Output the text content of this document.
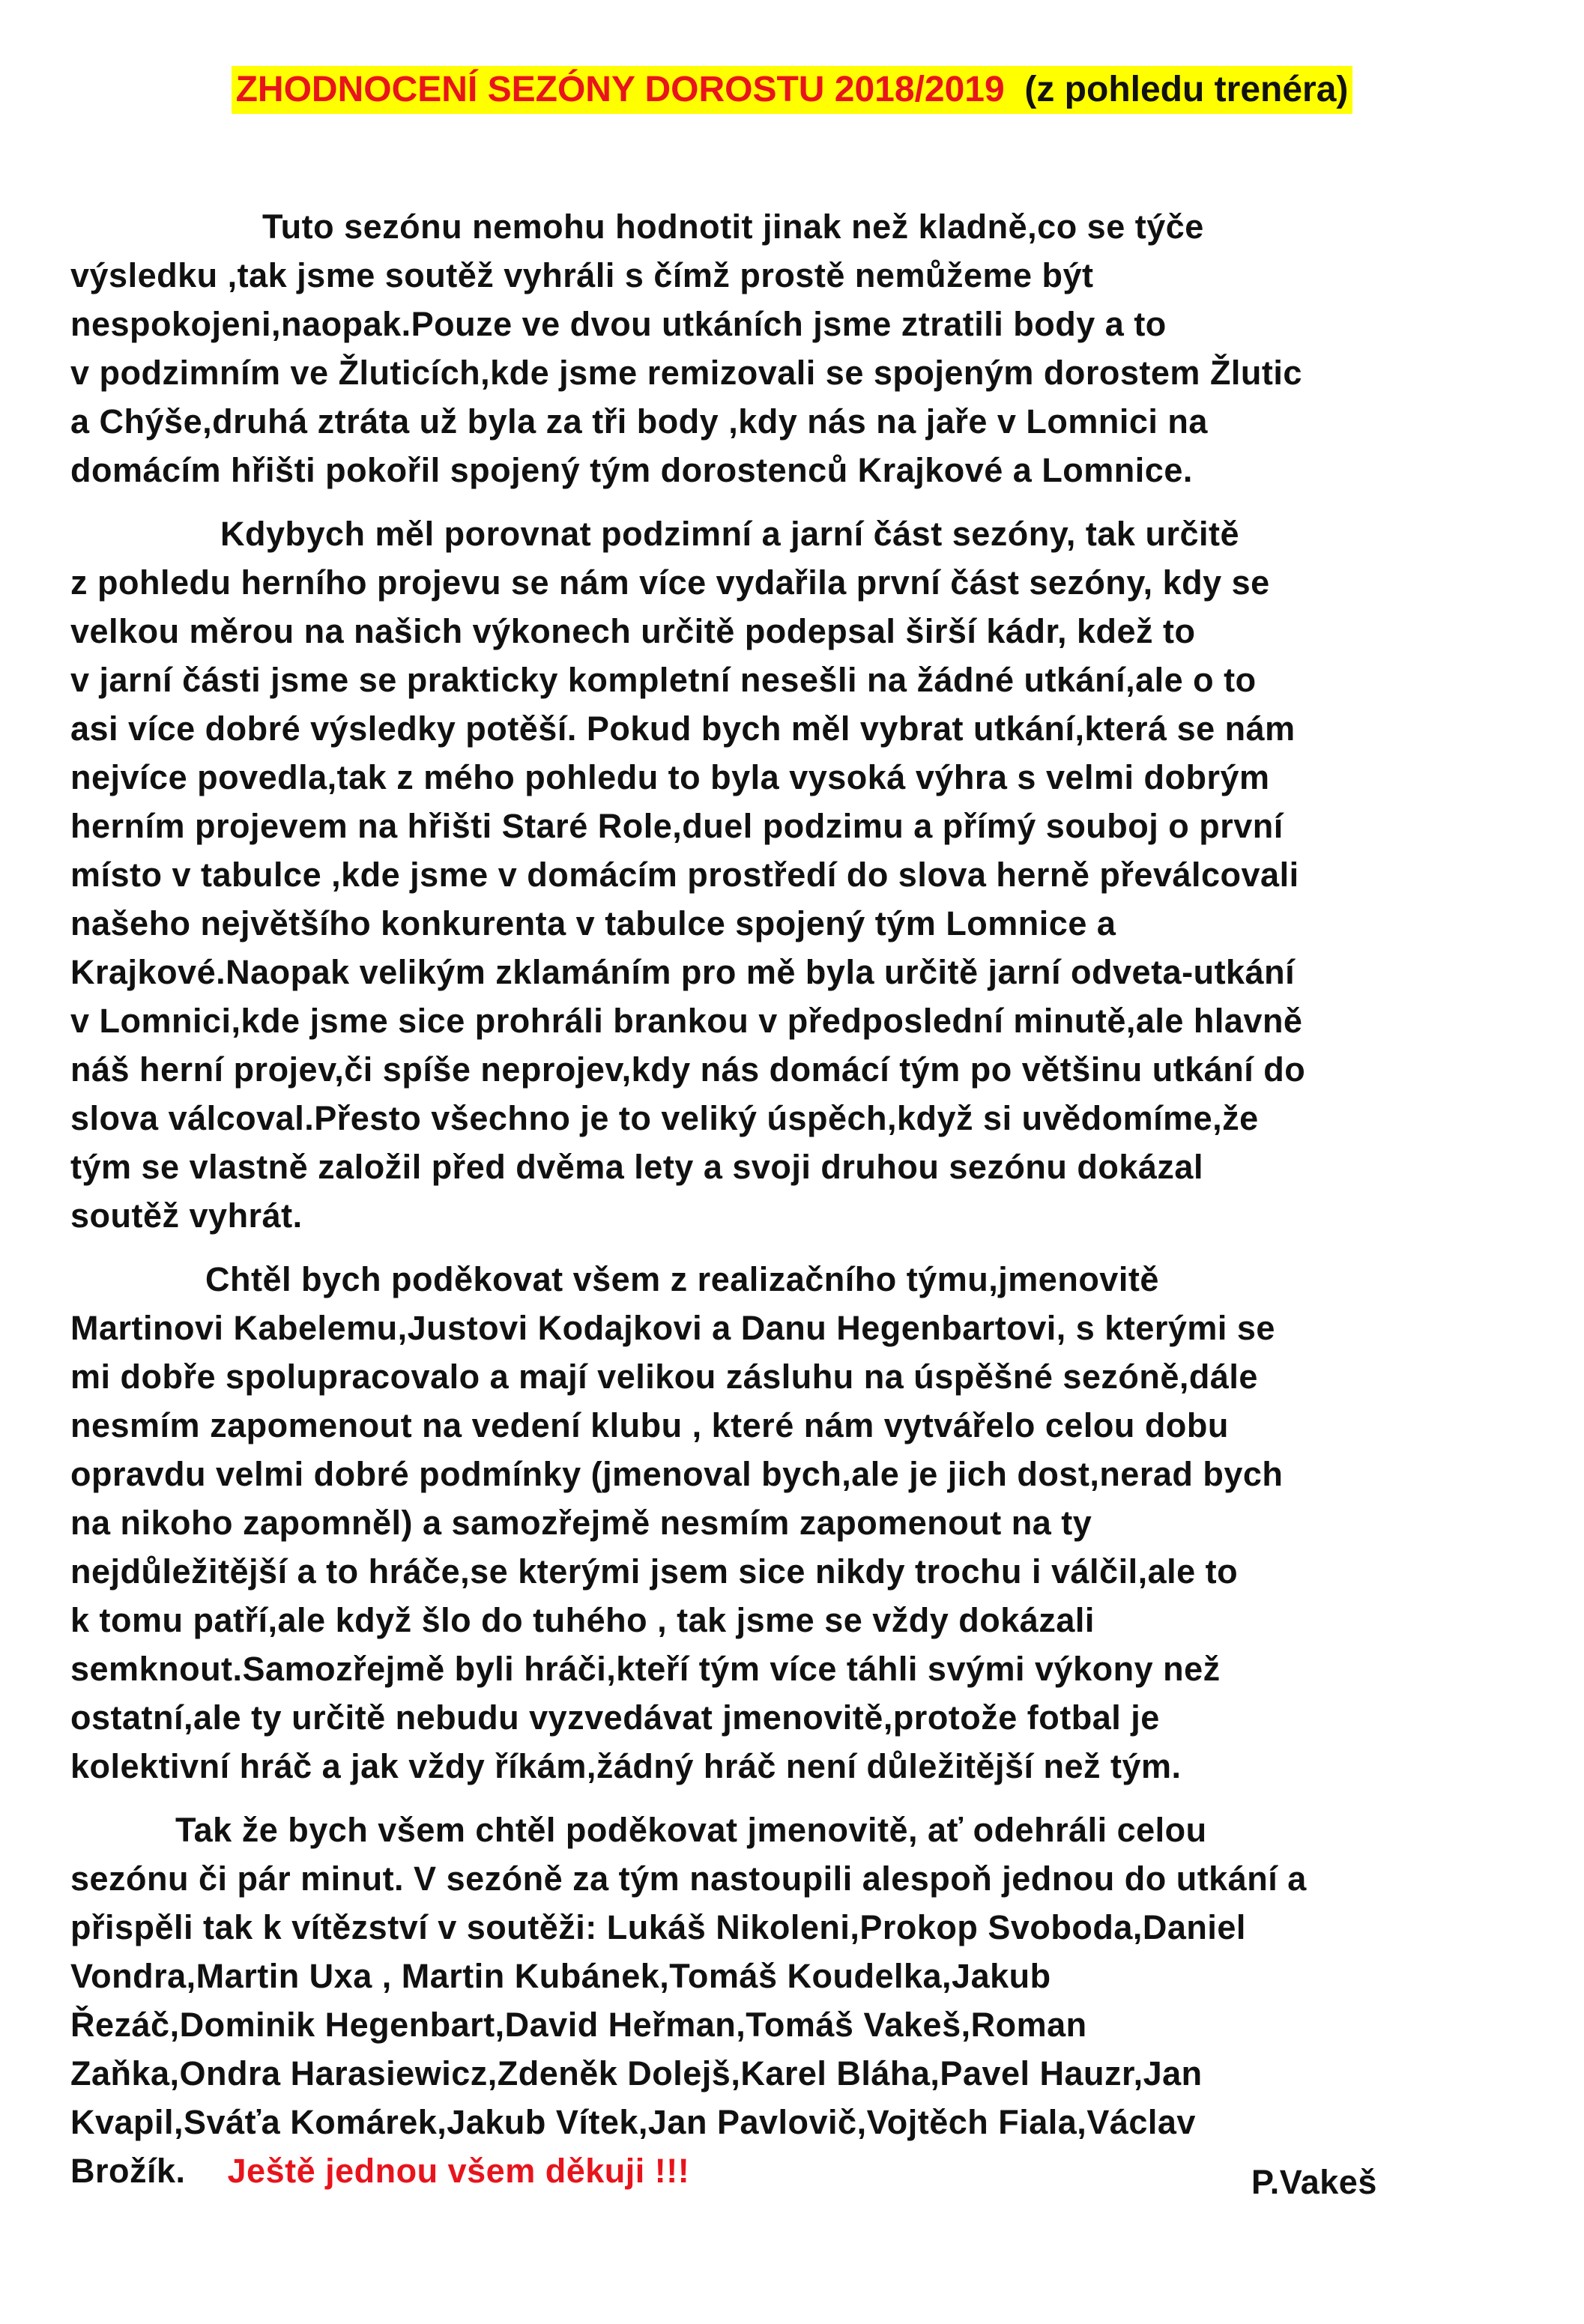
ZHODNOCENÍ SEZÓNY DOROSTU 2018/2019 (z pohledu trenéra)

Tuto sezónu nemohu hodnotit jinak než kladně,co se týče
výsledku ,tak jsme soutěž vyhráli s čímž prostě nemůžeme být
nespokojeni,naopak.Pouze ve dvou utkáních jsme ztratili body a to
v podzimním ve Žluticích,kde jsme remizovali se spojeným dorostem Žlutic
a Chýše,druhá ztráta už byla za tři body ,kdy nás na jaře v Lomnici na
domácím hřišti pokořil spojený tým dorostenců Krajkové a Lomnice.

Kdybych měl porovnat podzimní a jarní část sezóny, tak určitě
z pohledu herního projevu se nám více vydařila první část sezóny, kdy se
velkou měrou na našich výkonech určitě podepsal širší kádr, kdež to
v jarní části jsme se prakticky kompletní nesešli na žádné utkání,ale o to
asi více dobré výsledky potěší. Pokud bych měl vybrat utkání,která se nám
nejvíce povedla,tak z mého pohledu to byla vysoká výhra s velmi dobrým
herním projevem na hřišti Staré Role,duel podzimu a přímý souboj o první
místo v tabulce ,kde jsme v domácím prostředí do slova herně převálcovali
našeho největšího konkurenta v tabulce spojený tým Lomnice a
Krajkové.Naopak velikým zklamáním pro mě byla určitě jarní odveta-utkání
v Lomnici,kde jsme sice prohráli brankou v předposlední minutě,ale hlavně
náš herní projev,či spíše neprojev,kdy nás domácí tým po většinu utkání do
slova válcoval.Přesto všechno je to veliký úspěch,když si uvědomíme,že
tým se vlastně založil před dvěma lety a svoji druhou sezónu dokázal
soutěž vyhrát.

Chtěl bych poděkovat všem z realizačního týmu,jmenovitě
Martinovi Kabelemu,Justovi Kodajkovi a Danu Hegenbartovi, s kterými se
mi dobře spolupracovalo a mají velikou zásluhu na úspěšné sezóně,dále
nesmím zapomenout na vedení klubu , které nám vytvářelo celou dobu
opravdu velmi dobré podmínky (jmenoval bych,ale je jich dost,nerad bych
na nikoho zapomněl) a samozřejmě nesmím zapomenout na ty
nejdůležitější a to hráče,se kterými jsem sice nikdy trochu i válčil,ale to
k tomu patří,ale když šlo do tuhého , tak jsme se vždy dokázali
semknout.Samozřejmě byli hráči,kteří tým více táhli svými výkony než
ostatní,ale ty určitě nebudu vyzvedávat jmenovitě,protože fotbal je
kolektivní hráč a jak vždy říkám,žádný hráč není důležitější než tým.

Tak že bych všem chtěl poděkovat jmenovitě, ať odehráli celou
sezónu či pár minut. V sezóně za tým nastoupili alespoň jednou do utkání a
přispěli tak k vítězství v soutěži: Lukáš Nikoleni,Prokop Svoboda,Daniel
Vondra,Martin Uxa , Martin Kubánek,Tomáš Koudelka,Jakub
Řezáč,Dominik Hegenbart,David Heřman,Tomáš Vakeš,Roman
Zaňka,Ondra Harasiewicz,Zdeněk Dolejš,Karel Bláha,Pavel Hauzr,Jan
Kvapil,Sváťa Komárek,Jakub Vítek,Jan Pavlovič,Vojtěch Fiala,Václav
Brožík. Ještě jednou všem děkuji !!!	P.Vakeš
